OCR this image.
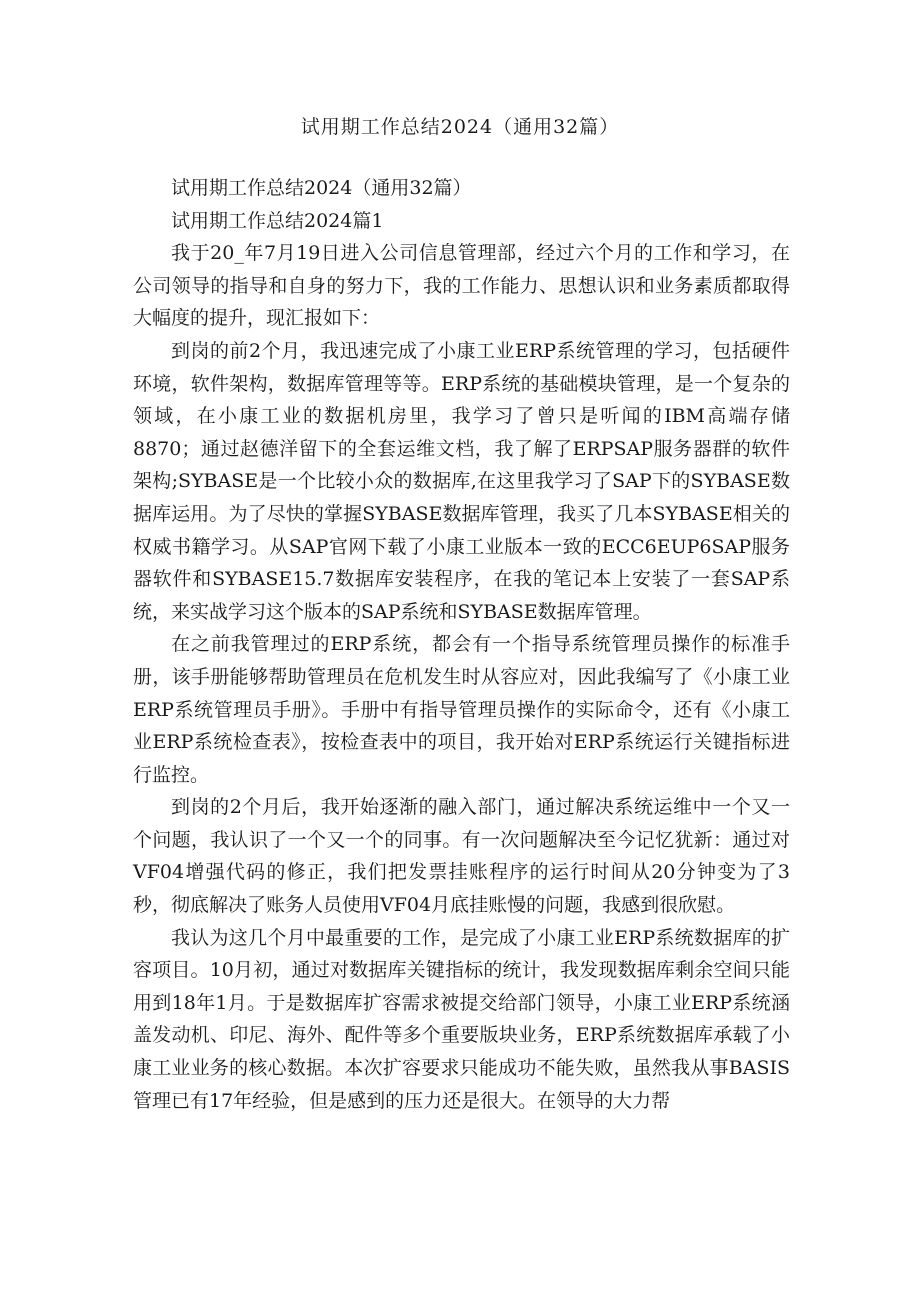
试用期工作总结2024（通用32篇）

试用期工作总结2024（通用32篇）

试用期工作总结2024篇1

我于20_年7月19日进入公司信息管理部，经过六个月的工作和学习，在公司领导的指导和自身的努力下，我的工作能力、思想认识和业务素质都取得大幅度的提升，现汇报如下：

到岗的前2个月，我迅速完成了小康工业ERP系统管理的学习，包括硬件环境，软件架构，数据库管理等等。ERP系统的基础模块管理，是一个复杂的领域，在小康工业的数据机房里，我学习了曾只是听闻的IBM高端存储8870；通过赵德洋留下的全套运维文档，我了解了ERPSAP服务器群的软件架构;SYBASE是一个比较小众的数据库,在这里我学习了SAP下的SYBASE数据库运用。为了尽快的掌握SYBASE数据库管理，我买了几本SYBASE相关的权威书籍学习。从SAP官网下载了小康工业版本一致的ECC6EUP6SAP服务器软件和SYBASE15.7数据库安装程序，在我的笔记本上安装了一套SAP系统，来实战学习这个版本的SAP系统和SYBASE数据库管理。

在之前我管理过的ERP系统，都会有一个指导系统管理员操作的标准手册，该手册能够帮助管理员在危机发生时从容应对，因此我编写了《小康工业ERP系统管理员手册》。手册中有指导管理员操作的实际命令，还有《小康工业ERP系统检查表》，按检查表中的项目，我开始对ERP系统运行关键指标进行监控。

到岗的2个月后，我开始逐渐的融入部门，通过解决系统运维中一个又一个问题，我认识了一个又一个的同事。有一次问题解决至今记忆犹新：通过对VF04增强代码的修正，我们把发票挂账程序的运行时间从20分钟变为了3秒，彻底解决了账务人员使用VF04月底挂账慢的问题，我感到很欣慰。

我认为这几个月中最重要的工作，是完成了小康工业ERP系统数据库的扩容项目。10月初，通过对数据库关键指标的统计，我发现数据库剩余空间只能用到18年1月。于是数据库扩容需求被提交给部门领导，小康工业ERP系统涵盖发动机、印尼、海外、配件等多个重要版块业务，ERP系统数据库承载了小康工业业务的核心数据。本次扩容要求只能成功不能失败，虽然我从事BASIS管理已有17年经验，但是感到的压力还是很大。在领导的大力帮
